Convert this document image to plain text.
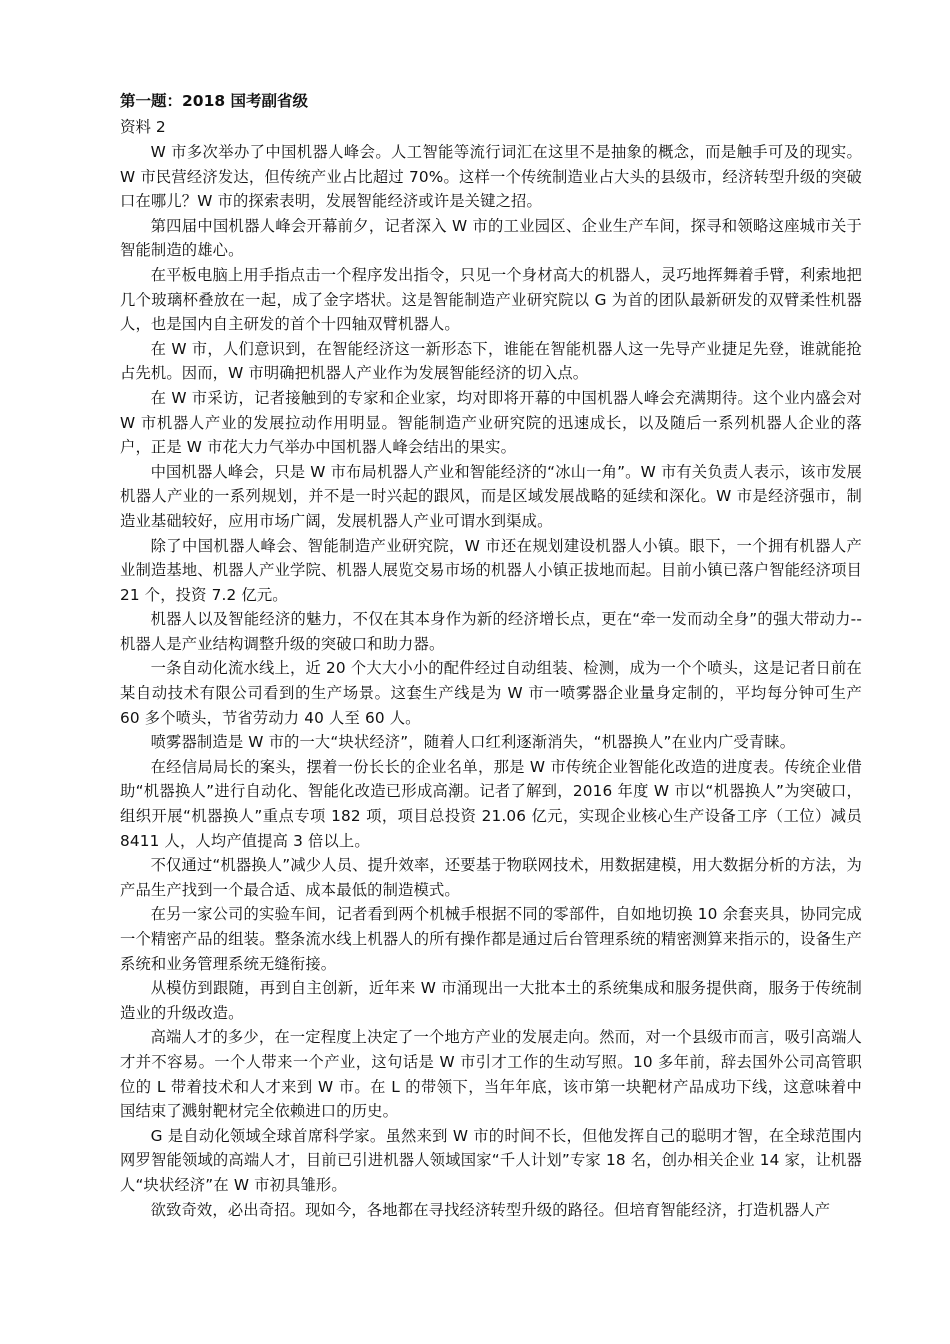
第一题：2018 国考副省级

资料 2

W 市多次举办了中国机器人峰会。人工智能等流行词汇在这里不是抽象的概念，而是触手可及的现实。W 市民营经济发达，但传统产业占比超过 70%。这样一个传统制造业占大头的县级市，经济转型升级的突破口在哪儿？W 市的探索表明，发展智能经济或许是关键之招。

第四届中国机器人峰会开幕前夕，记者深入 W 市的工业园区、企业生产车间，探寻和领略这座城市关于智能制造的雄心。

在平板电脑上用手指点击一个程序发出指令，只见一个身材高大的机器人，灵巧地挥舞着手臂，利索地把几个玻璃杯叠放在一起，成了金字塔状。这是智能制造产业研究院以 G 为首的团队最新研发的双臂柔性机器人，也是国内自主研发的首个十四轴双臂机器人。

在 W 市，人们意识到，在智能经济这一新形态下，谁能在智能机器人这一先导产业捷足先登，谁就能抢占先机。因而，W 市明确把机器人产业作为发展智能经济的切入点。

在 W 市采访，记者接触到的专家和企业家，均对即将开幕的中国机器人峰会充满期待。这个业内盛会对 W 市机器人产业的发展拉动作用明显。智能制造产业研究院的迅速成长，以及随后一系列机器人企业的落户，正是 W 市花大力气举办中国机器人峰会结出的果实。

中国机器人峰会，只是 W 市布局机器人产业和智能经济的“冰山一角”。W 市有关负责人表示，该市发展机器人产业的一系列规划，并不是一时兴起的跟风，而是区域发展战略的延续和深化。W 市是经济强市，制造业基础较好，应用市场广阔，发展机器人产业可谓水到渠成。

除了中国机器人峰会、智能制造产业研究院，W 市还在规划建设机器人小镇。眼下，一个拥有机器人产业制造基地、机器人产业学院、机器人展览交易市场的机器人小镇正拔地而起。目前小镇已落户智能经济项目 21 个，投资 7.2 亿元。

机器人以及智能经济的魅力，不仅在其本身作为新的经济增长点，更在“牵一发而动全身”的强大带动力--机器人是产业结构调整升级的突破口和助力器。

一条自动化流水线上，近 20 个大大小小的配件经过自动组装、检测，成为一个个喷头，这是记者日前在某自动技术有限公司看到的生产场景。这套生产线是为 W 市一喷雾器企业量身定制的，平均每分钟可生产 60 多个喷头，节省劳动力 40 人至 60 人。

喷雾器制造是 W 市的一大“块状经济”，随着人口红利逐渐消失，“机器换人”在业内广受青睐。

在经信局局长的案头，摆着一份长长的企业名单，那是 W 市传统企业智能化改造的进度表。传统企业借助“机器换人”进行自动化、智能化改造已形成高潮。记者了解到，2016 年度 W 市以“机器换人”为突破口，组织开展“机器换人”重点专项 182 项，项目总投资 21.06 亿元，实现企业核心生产设备工序（工位）减员 8411 人，人均产值提高 3 倍以上。

不仅通过“机器换人”减少人员、提升效率，还要基于物联网技术，用数据建模，用大数据分析的方法，为产品生产找到一个最合适、成本最低的制造模式。

在另一家公司的实验车间，记者看到两个机械手根据不同的零部件，自如地切换 10 余套夹具，协同完成一个精密产品的组装。整条流水线上机器人的所有操作都是通过后台管理系统的精密测算来指示的，设备生产系统和业务管理系统无缝衔接。

从模仿到跟随，再到自主创新，近年来 W 市涌现出一大批本土的系统集成和服务提供商，服务于传统制造业的升级改造。

高端人才的多少，在一定程度上决定了一个地方产业的发展走向。然而，对一个县级市而言，吸引高端人才并不容易。一个人带来一个产业，这句话是 W 市引才工作的生动写照。10 多年前，辞去国外公司高管职位的 L 带着技术和人才来到 W 市。在 L 的带领下，当年年底，该市第一块靶材产品成功下线，这意味着中国结束了溅射靶材完全依赖进口的历史。

G 是自动化领域全球首席科学家。虽然来到 W 市的时间不长，但他发挥自己的聪明才智，在全球范围内网罗智能领域的高端人才，目前已引进机器人领域国家“千人计划”专家 18 名，创办相关企业 14 家，让机器人“块状经济”在 W 市初具雏形。

欲致奇效，必出奇招。现如今，各地都在寻找经济转型升级的路径。但培育智能经济，打造机器人产
